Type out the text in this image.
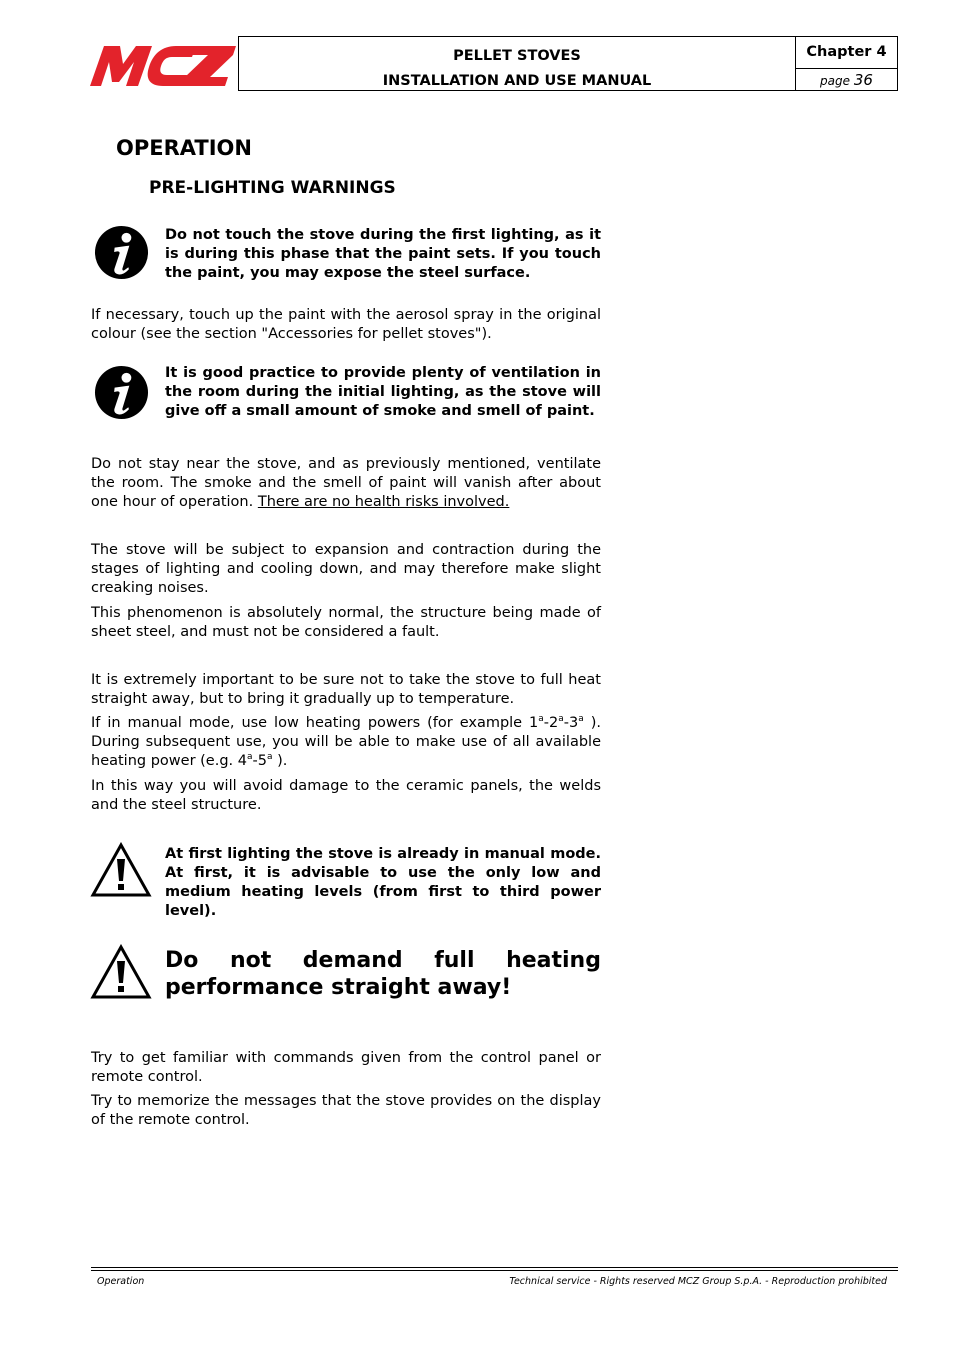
PELLET STOVES
INSTALLATION AND USE MANUAL
Chapter 4
page 36
OPERATION
PRE-LIGHTING WARNINGS
Do not touch the stove during the first lighting, as it is during this phase that the paint sets. If you touch the paint, you may expose the steel surface.
If necessary, touch up the paint with the aerosol spray in the original colour (see the section "Accessories for pellet stoves").
It is good practice to provide plenty of ventilation in the room during the initial lighting, as the stove will give off a small amount of smoke and smell of paint.
Do not stay near the stove, and as previously mentioned, ventilate the room. The smoke and the smell of paint will vanish after about one hour of operation. There are no health risks involved.
The stove will be subject to expansion and contraction during the stages of lighting and cooling down, and may therefore make slight creaking noises.
This phenomenon is absolutely normal, the structure being made of sheet steel, and must not be considered a fault.
It is extremely important to be sure not to take the stove to full heat straight away, but to bring it gradually up to temperature.
If in manual mode, use low heating powers (for example 1$^a$-2$^a$-3$^a$ ). During subsequent use, you will be able to make use of all available heating power (e.g. 4$^a$-5$^a$ ).
In this way you will avoid damage to the ceramic panels, the welds and the steel structure.
At first lighting the stove is already in manual mode. At first, it is advisable to use the only low and medium heating levels (from first to third power level).
Do not demand full heating
performance straight away!
Try to get familiar with commands given from the control panel or remote control.
Try to memorize the messages that the stove provides on the display of the remote control.
Operation	Technical service - Rights reserved MCZ Group S.p.A. - Reproduction prohibited
